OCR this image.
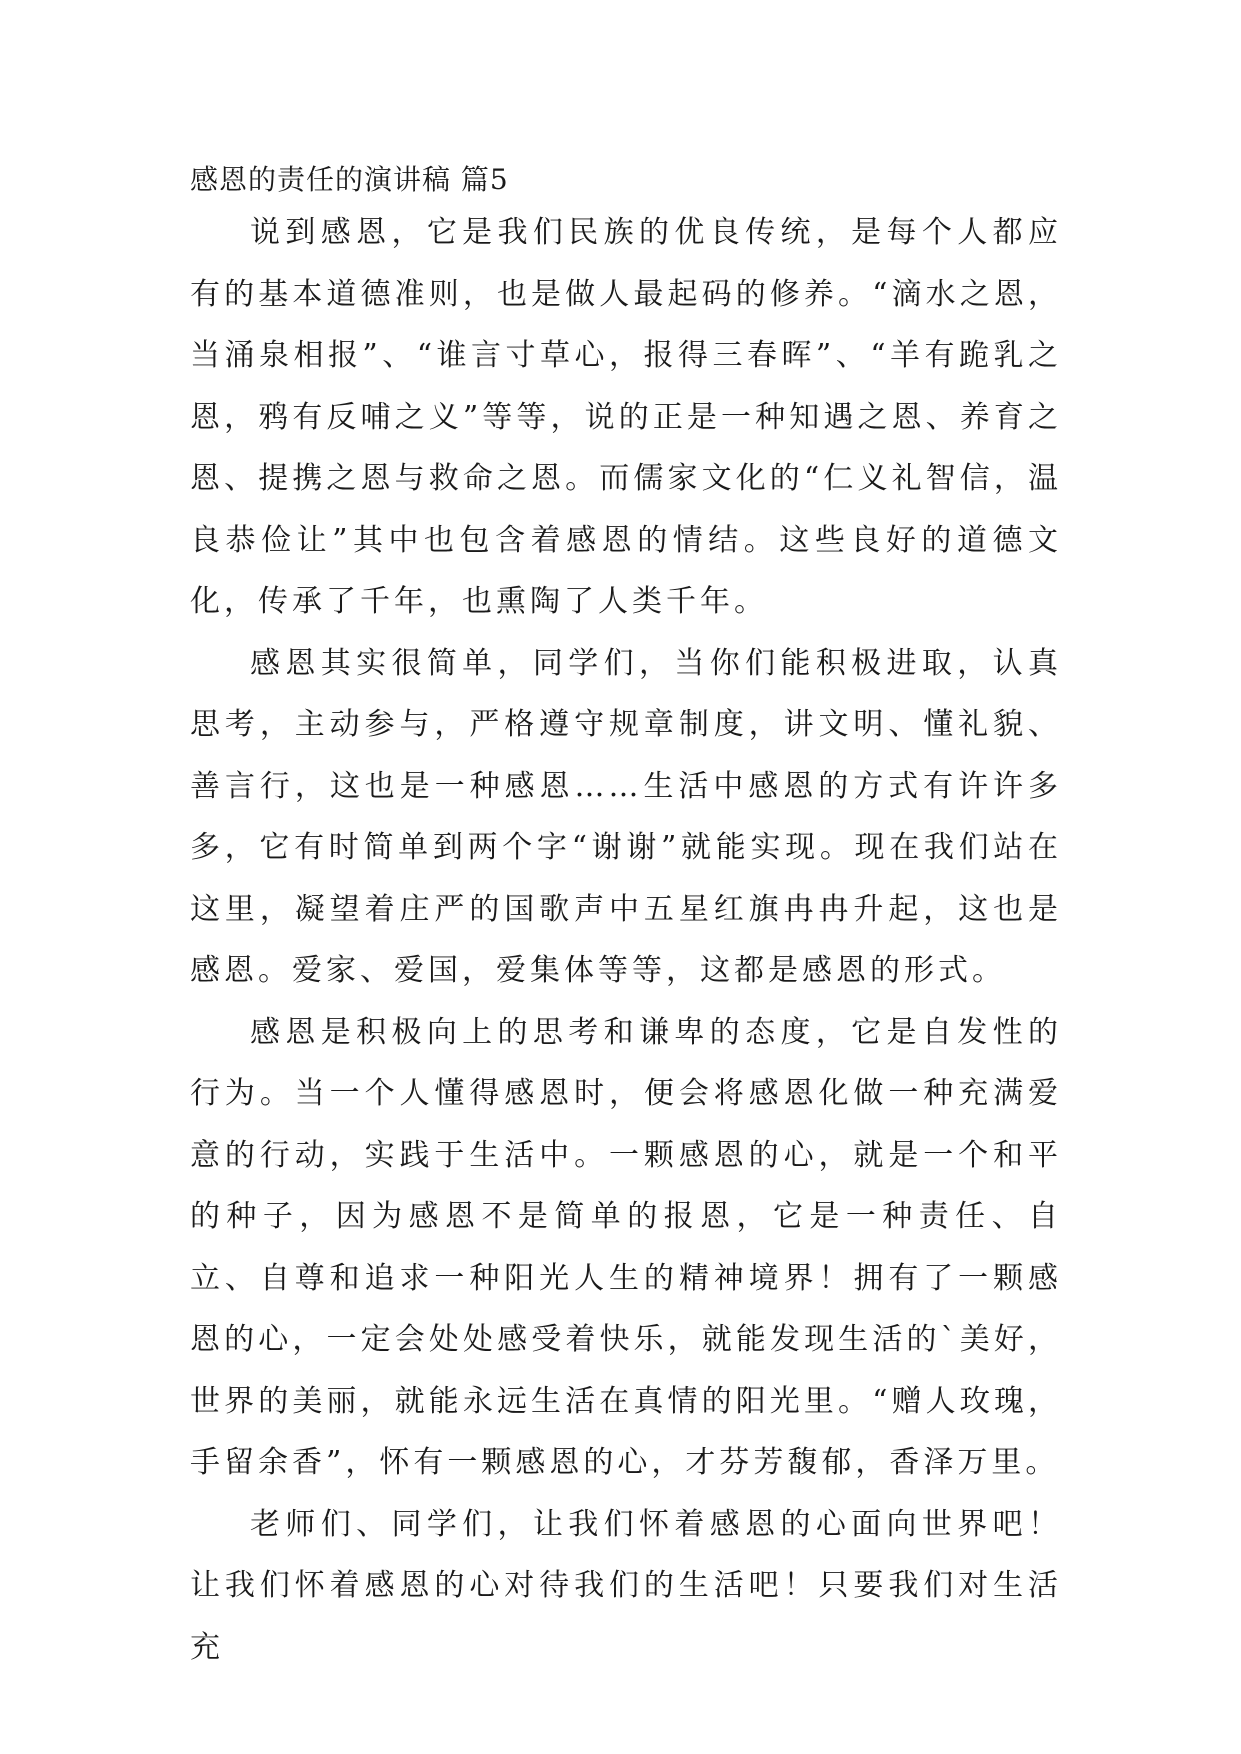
感恩的责任的演讲稿 篇5

说到感恩，它是我们民族的优良传统，是每个人都应有的基本道德准则，也是做人最起码的修养。“滴水之恩，当涌泉相报”、“谁言寸草心，报得三春晖”、“羊有跪乳之恩，鸦有反哺之义”等等，说的正是一种知遇之恩、养育之恩、提携之恩与救命之恩。而儒家文化的“仁义礼智信，温良恭俭让”其中也包含着感恩的情结。这些良好的道德文化，传承了千年，也熏陶了人类千年。

感恩其实很简单，同学们，当你们能积极进取，认真思考，主动参与，严格遵守规章制度，讲文明、懂礼貌、善言行，这也是一种感恩……生活中感恩的方式有许许多多，它有时简单到两个字“谢谢”就能实现。现在我们站在这里，凝望着庄严的国歌声中五星红旗冉冉升起，这也是感恩。爱家、爱国，爱集体等等，这都是感恩的形式。

感恩是积极向上的思考和谦卑的态度，它是自发性的行为。当一个人懂得感恩时，便会将感恩化做一种充满爱意的行动，实践于生活中。一颗感恩的心，就是一个和平的种子，因为感恩不是简单的报恩，它是一种责任、自立、自尊和追求一种阳光人生的精神境界！拥有了一颗感恩的心，一定会处处感受着快乐，就能发现生活的`美好，世界的美丽，就能永远生活在真情的阳光里。“赠人玫瑰，手留余香”，怀有一颗感恩的心，才芬芳馥郁，香泽万里。

老师们、同学们，让我们怀着感恩的心面向世界吧！让我们怀着感恩的心对待我们的生活吧！只要我们对生活充
